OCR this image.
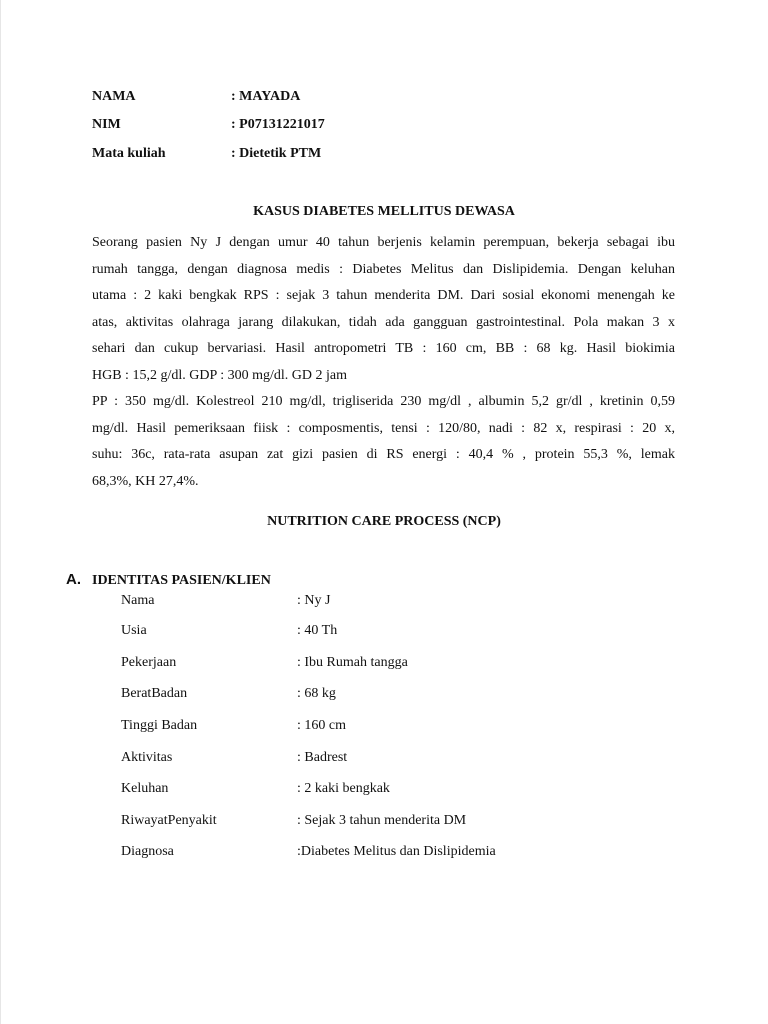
NAMA	: MAYADA
NIM	: P07131221017
Mata kuliah	: Dietetik PTM
KASUS DIABETES MELLITUS DEWASA
Seorang pasien Ny J dengan umur 40 tahun berjenis kelamin perempuan, bekerja sebagai ibu
rumah tangga, dengan diagnosa medis : Diabetes Melitus dan Dislipidemia. Dengan keluhan
utama : 2 kaki bengkak RPS : sejak 3 tahun menderita DM. Dari sosial ekonomi menengah ke
atas, aktivitas olahraga jarang dilakukan, tidah ada gangguan gastrointestinal. Pola makan 3 x
sehari dan cukup bervariasi. Hasil antropometri TB : 160 cm, BB : 68 kg. Hasil biokimia
HGB : 15,2 g/dl. GDP : 300 mg/dl. GD 2 jam
PP : 350 mg/dl. Kolestreol 210 mg/dl, trigliserida 230 mg/dl , albumin 5,2 gr/dl , kretinin 0,59
mg/dl. Hasil pemeriksaan fiisk : composmentis, tensi : 120/80, nadi : 82 x, respirasi : 20 x,
suhu: 36c, rata-rata asupan zat gizi pasien di RS energi : 40,4 % , protein 55,3 %, lemak
68,3%, KH 27,4%.
NUTRITION CARE PROCESS (NCP)
A. IDENTITAS PASIEN/KLIEN
Nama	: Ny J
Usia	: 40 Th
Pekerjaan	: Ibu Rumah tangga
BeratBadan	: 68 kg
Tinggi Badan	: 160 cm
Aktivitas	: Badrest
Keluhan	: 2 kaki bengkak
RiwayatPenyakit	: Sejak 3 tahun menderita DM
Diagnosa	:Diabetes Melitus dan Dislipidemia
